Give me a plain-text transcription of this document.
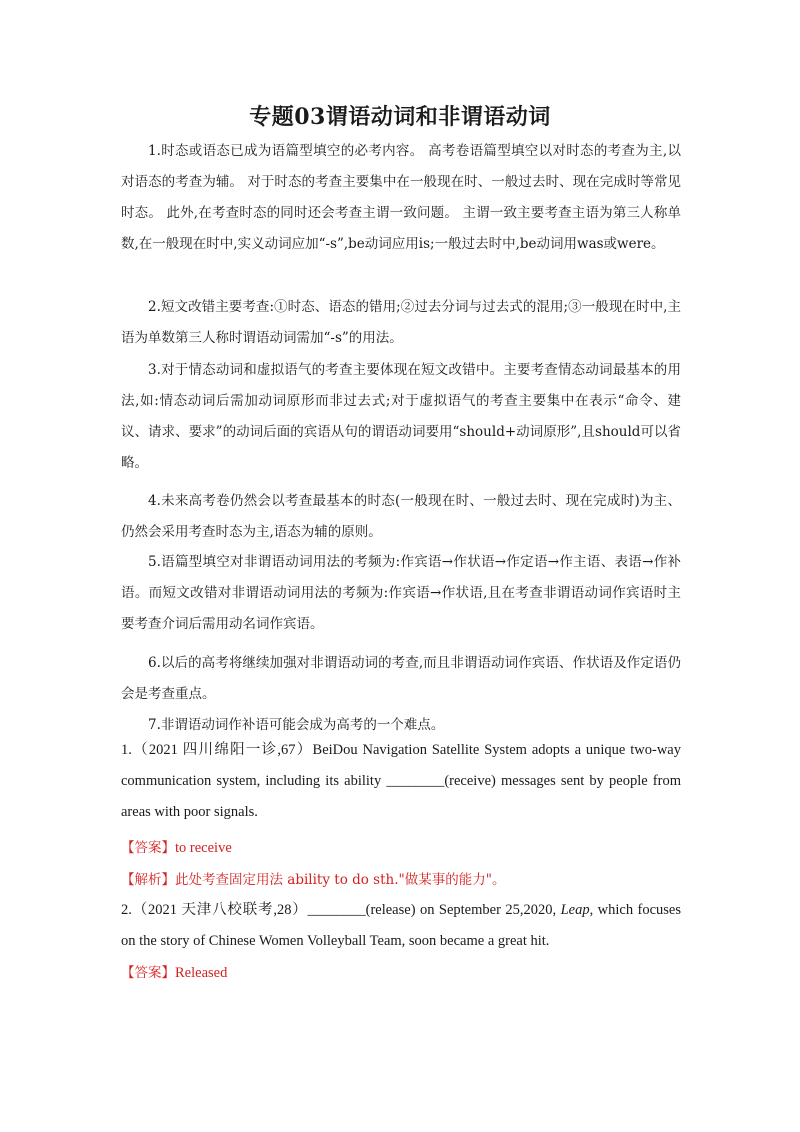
专题03谓语动词和非谓语动词
1.时态或语态已成为语篇型填空的必考内容。 高考卷语篇型填空以对时态的考查为主,以对语态的考查为辅。 对于时态的考查主要集中在一般现在时、一般过去时、现在完成时等常见时态。 此外,在考查时态的同时还会考查主谓一致问题。 主谓一致主要考查主语为第三人称单数,在一般现在时中,实义动词应加“-s”,be动词应用is;一般过去时中,be动词用was或were。
2.短文改错主要考查:①时态、语态的错用;②过去分词与过去式的混用;③一般现在时中,主语为单数第三人称时谓语动词需加“-s”的用法。
3.对于情态动词和虚拟语气的考查主要体现在短文改错中。主要考查情态动词最基本的用法,如:情态动词后需加动词原形而非过去式;对于虚拟语气的考查主要集中在表示“命令、建议、请求、要求”的动词后面的宾语从句的谓语动词要用“should+动词原形”,且should可以省略。
4.未来高考卷仍然会以考查最基本的时态(一般现在时、一般过去时、现在完成时)为主、仍然会采用考查时态为主,语态为辅的原则。
5.语篇型填空对非谓语动词用法的考频为:作宾语→作状语→作定语→作主语、表语→作补语。而短文改错对非谓语动词用法的考频为:作宾语→作状语,且在考查非谓语动词作宾语时主要考查介词后需用动名词作宾语。
6.以后的高考将继续加强对非谓语动词的考查,而且非谓语动词作宾语、作状语及作定语仍会是考查重点。
7.非谓语动词作补语可能会成为高考的一个难点。
1.（2021 四川绵阳一诊,67）BeiDou Navigation Satellite System adopts a unique two-way communication system, including its ability ________(receive) messages sent by people from areas with poor signals.
【答案】to receive
【解析】此处考查固定用法 ability to do sth."做某事的能力"。
2.（2021 天津八校联考,28）________(release) on September 25,2020, Leap, which focuses on the story of Chinese Women Volleyball Team, soon became a great hit.
【答案】Released
